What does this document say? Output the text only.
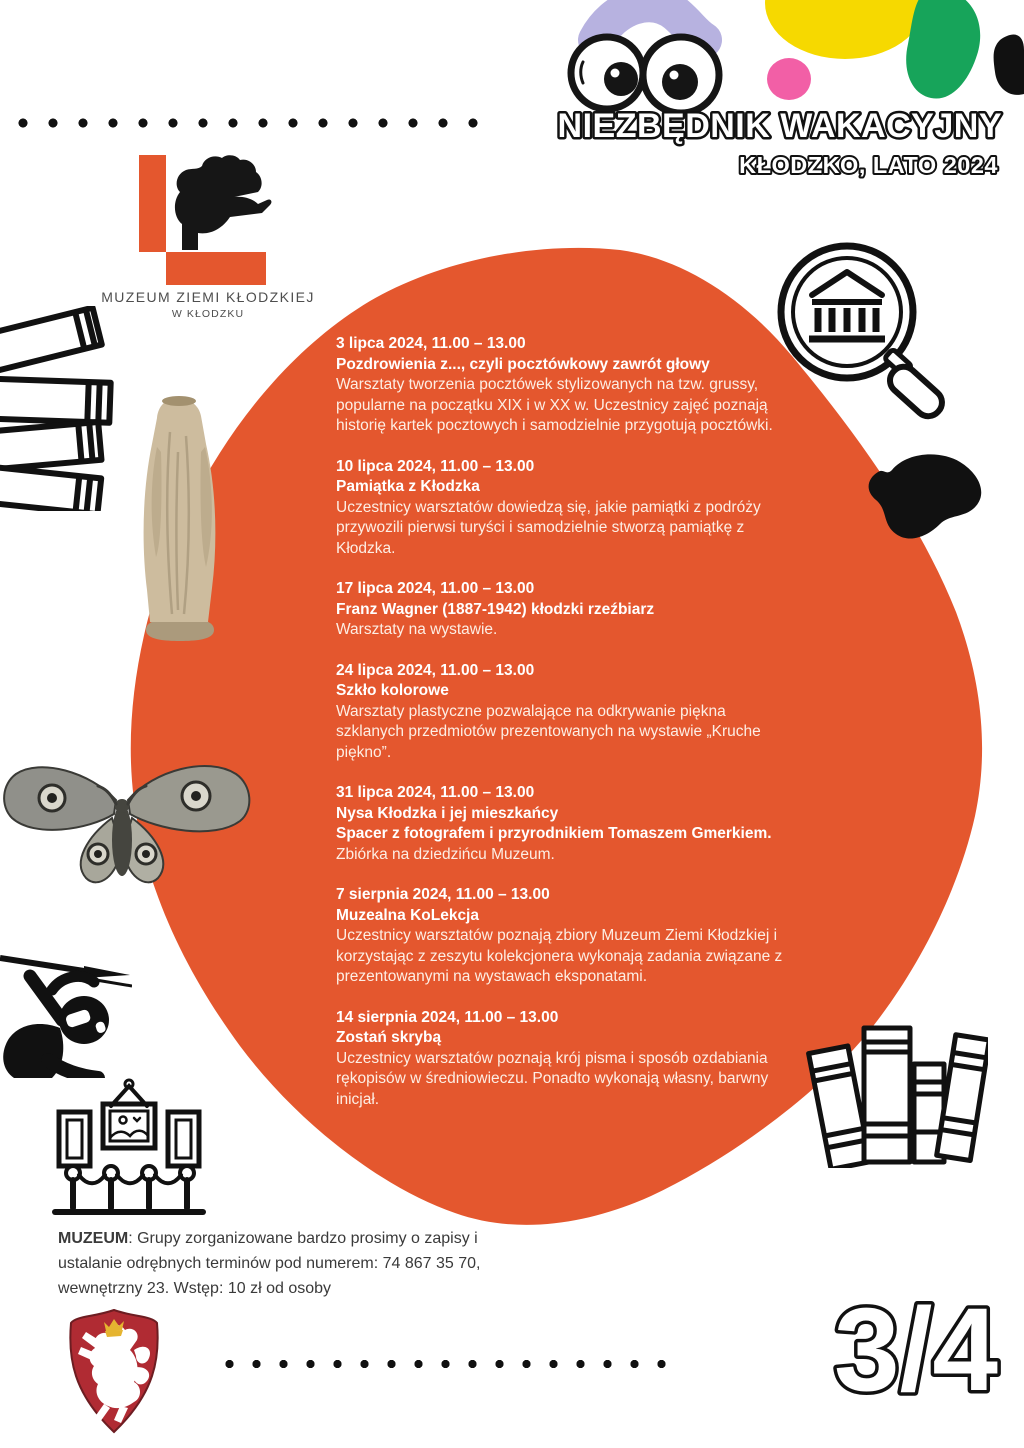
NIEZBĘDNIK WAKACYJNY
KŁODZKO, LATO 2024
MUZEUM ZIEMI KŁODZKIEJ
W KŁODZKU
3 lipca 2024, 11.00 – 13.00
Pozdrowienia z..., czyli pocztówkowy zawrót głowy
Warsztaty tworzenia pocztówek stylizowanych na tzw. grussy, popularne na początku XIX i w XX w. Uczestnicy zajęć poznają historię kartek pocztowych i samodzielnie przygotują pocztówki.
10 lipca 2024, 11.00 – 13.00
Pamiątka z Kłodzka
Uczestnicy warsztatów dowiedzą się, jakie pamiątki z podróży przywozili pierwsi turyści i samodzielnie stworzą pamiątkę z Kłodzka.
17 lipca 2024, 11.00 – 13.00
Franz Wagner (1887-1942) kłodzki rzeźbiarz
Warsztaty na wystawie.
24 lipca 2024, 11.00 – 13.00
Szkło kolorowe
Warsztaty plastyczne pozwalające na odkrywanie piękna szklanych przedmiotów prezentowanych na wystawie „Kruche piękno”.
31 lipca 2024, 11.00 – 13.00
Nysa Kłodzka i jej mieszkańcy
Spacer z fotografem i przyrodnikiem Tomaszem Gmerkiem.
Zbiórka na dziedzińcu Muzeum.
7 sierpnia 2024, 11.00 – 13.00
Muzealna KoLekcja
Uczestnicy warsztatów poznają zbiory Muzeum Ziemi Kłodzkiej i korzystając z zeszytu kolekcjonera wykonają zadania związane z prezentowanymi na wystawach eksponatami.
14 sierpnia 2024, 11.00 – 13.00
Zostań skrybą
Uczestnicy warsztatów poznają krój pisma i sposób ozdabiania rękopisów w średniowieczu. Ponadto wykonają własny, barwny inicjał.
MUZEUM: Grupy zorganizowane bardzo prosimy o zapisy i ustalanie odrębnych terminów pod numerem: 74 867 35 70, wewnętrzny 23. Wstęp: 10 zł od osoby	3/4
